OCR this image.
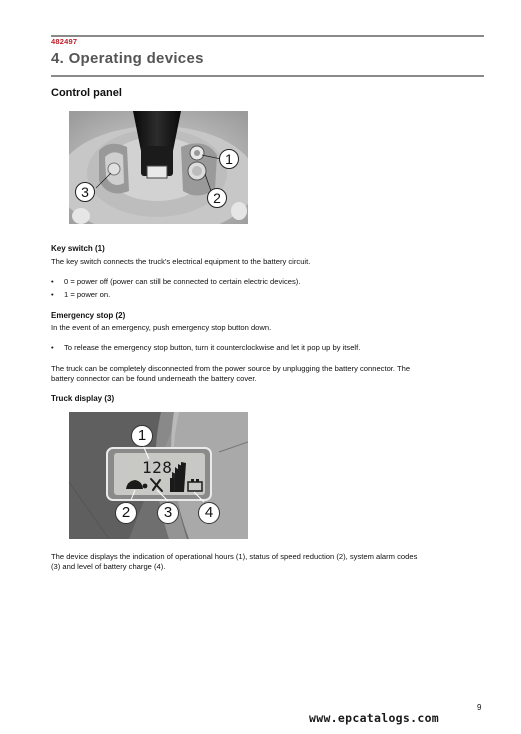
482497
4. Operating devices
Control panel
1
2
3
Key switch (1)
The key switch connects the truck's electrical equipment to the battery circuit.
• 0 = power off (power can still be connected to certain electric devices).
• 1 = power on.
Emergency stop (2)
In the event of an emergency, push emergency stop button down.
• To release the emergency stop button, turn it counterclockwise and let it pop up by itself.
The truck can be completely disconnected from the power source by unplugging the battery connector. The
battery connector can be found underneath the battery cover.
Truck display (3)
128
1
2	3	4
The device displays the indication of operational hours (1), status of speed reduction (2), system alarm codes
(3) and level of battery charge (4).
9
www.epcatalogs.com
